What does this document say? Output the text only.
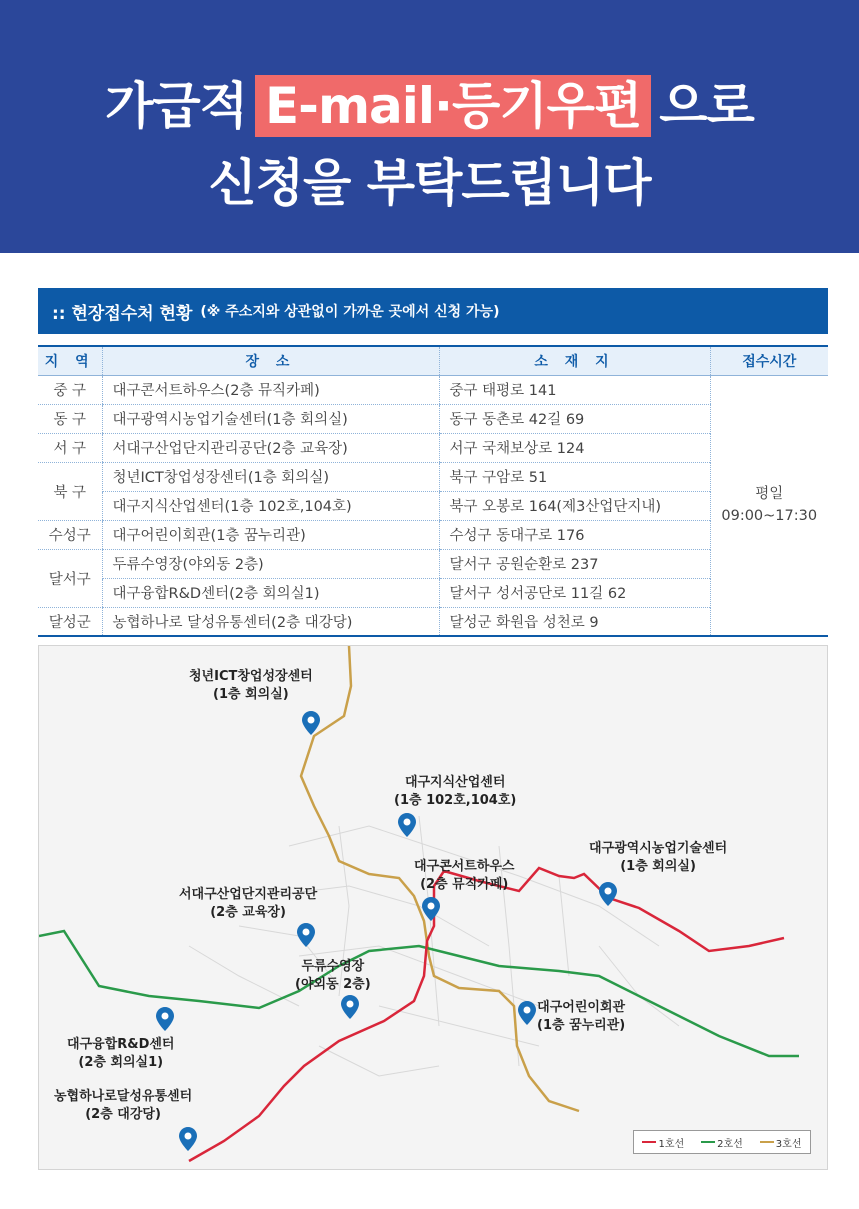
가급적 E-mail·등기우편 으로
신청을 부탁드립니다
:: 현장접수처 현황 (※ 주소지와 상관없이 가까운 곳에서 신청 가능)
지 역	장 소	소 재 지	접수시간
중 구	대구콘서트하우스(2층 뮤직카페)	중구 태평로 141	평일
09:00~17:30

동 구	대구광역시농업기술센터(1층 회의실)	동구 동촌로 42길 69	
서 구	서대구산업단지관리공단(2층 교육장)	서구 국채보상로 124	
북 구	청년ICT창업성장센터(1층 회의실)	북구 구암로 51	
	대구지식산업센터(1층 102호,104호)	북구 오봉로 164(제3산업단지내)	
수성구	대구어린이회관(1층 꿈누리관)	수성구 동대구로 176	
달서구	두류수영장(야외동 2층)	달서구 공원순환로 237	
	대구융합R&D센터(2층 회의실1)	달서구 성서공단로 11길 62	
달성군	농협하나로 달성유통센터(2층 대강당)	달성군 화원읍 성천로 9	
청년ICT창업성장센터
(1층 회의실)
대구지식산업센터
(1층 102호,104호)
대구광역시농업기술센터
(1층 회의실)
대구콘서트하우스
(2층 뮤직카페)
서대구산업단지관리공단
(2층 교육장)
두류수영장
(야외동 2층)
대구어린이회관
(1층 꿈누리관)
대구융합R&D센터
(2층 회의실1)
농협하나로달성유통센터
(2층 대강당)
1호선	2호선	3호선
